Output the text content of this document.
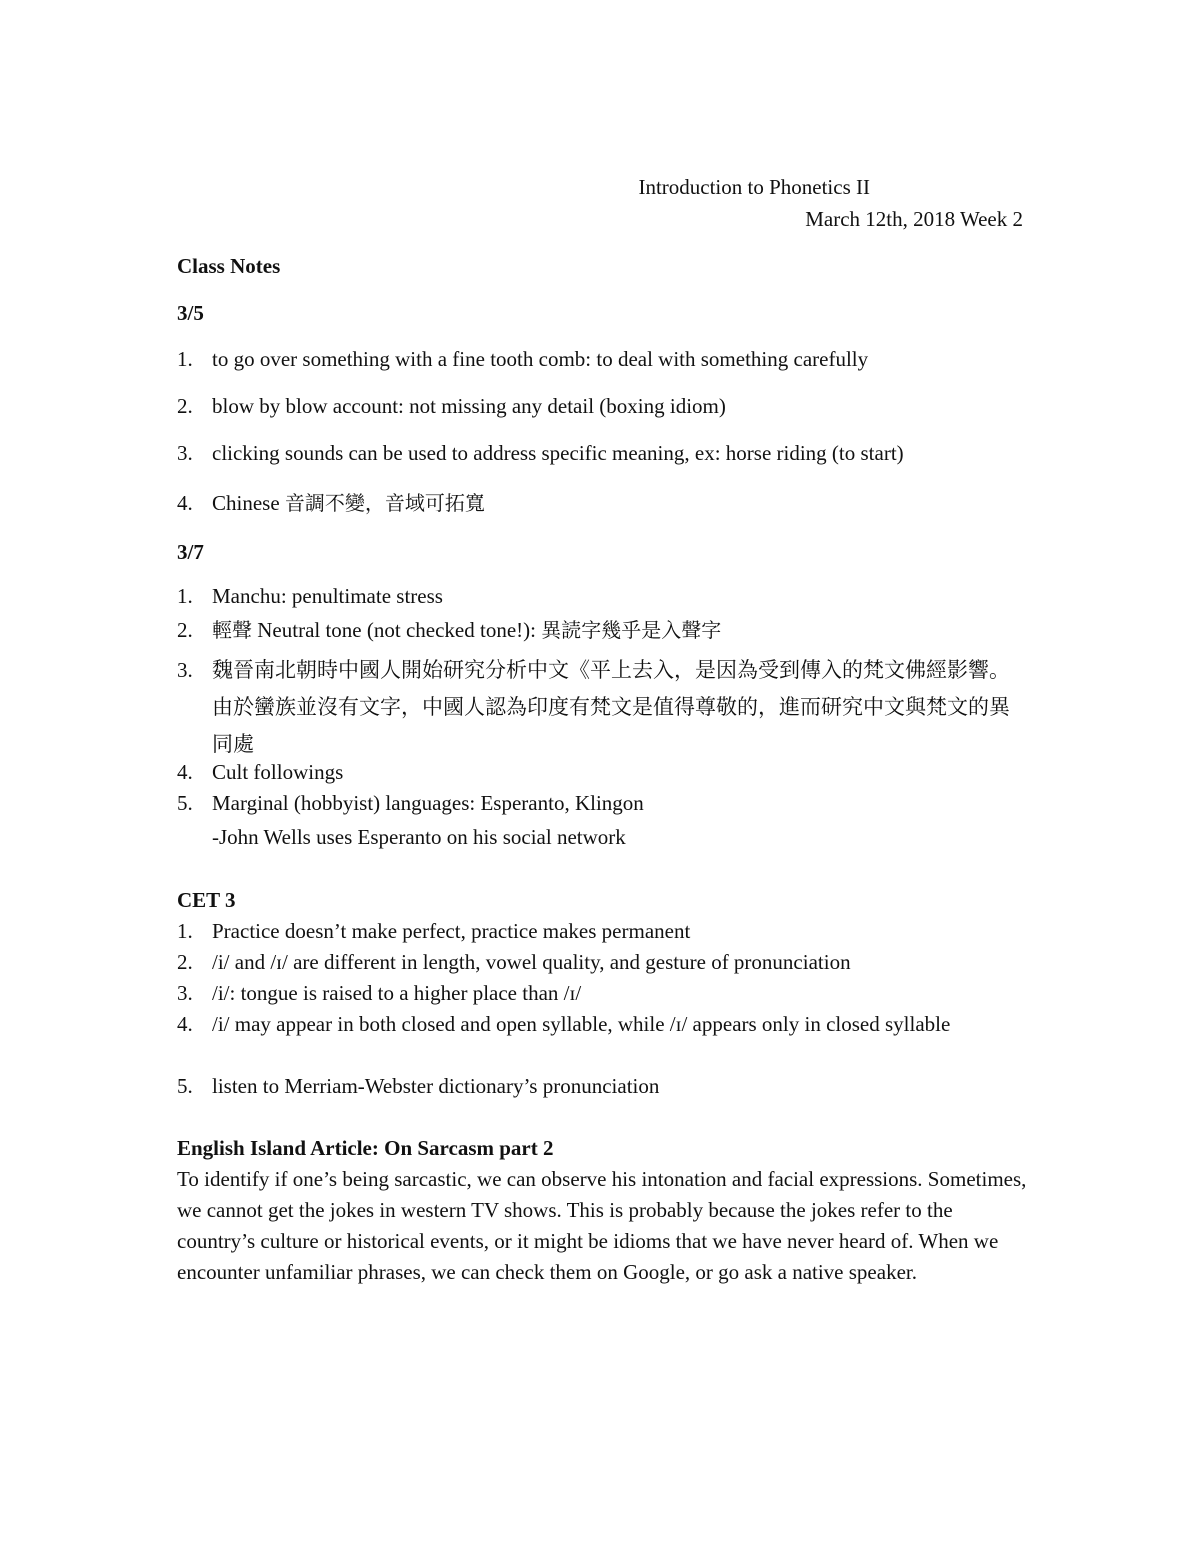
Introduction to Phonetics II
March 12th, 2018 Week 2
Class Notes
3/5
1. to go over something with a fine tooth comb: to deal with something carefully
2. blow by blow account: not missing any detail (boxing idiom)
3. clicking sounds can be used to address specific meaning, ex: horse riding (to start)
4. Chinese 音調不變，音域可拓寬
3/7
1. Manchu: penultimate stress
2. 輕聲 Neutral tone (not checked tone!): 異読字幾乎是入聲字
3. 魏晉南北朝時中國人開始研究分析中文《平上去入，是因為受到傳入的梵文佛經影響。由於蠻族並沒有文字，中國人認為印度有梵文是值得尊敬的，進而研究中文與梵文的異同處
4. Cult followings
5. Marginal (hobbyist) languages: Esperanto, Klingon
-John Wells uses Esperanto on his social network
CET 3
1. Practice doesn’t make perfect, practice makes permanent
2. /i/ and /ɪ/ are different in length, vowel quality, and gesture of pronunciation
3. /i/: tongue is raised to a higher place than /ɪ/
4. /i/ may appear in both closed and open syllable, while /ɪ/ appears only in closed syllable
5. listen to Merriam-Webster dictionary’s pronunciation
English Island Article: On Sarcasm part 2
To identify if one’s being sarcastic, we can observe his intonation and facial expressions. Sometimes, we cannot get the jokes in western TV shows. This is probably because the jokes refer to the country’s culture or historical events, or it might be idioms that we have never heard of. When we encounter unfamiliar phrases, we can check them on Google, or go ask a native speaker.
